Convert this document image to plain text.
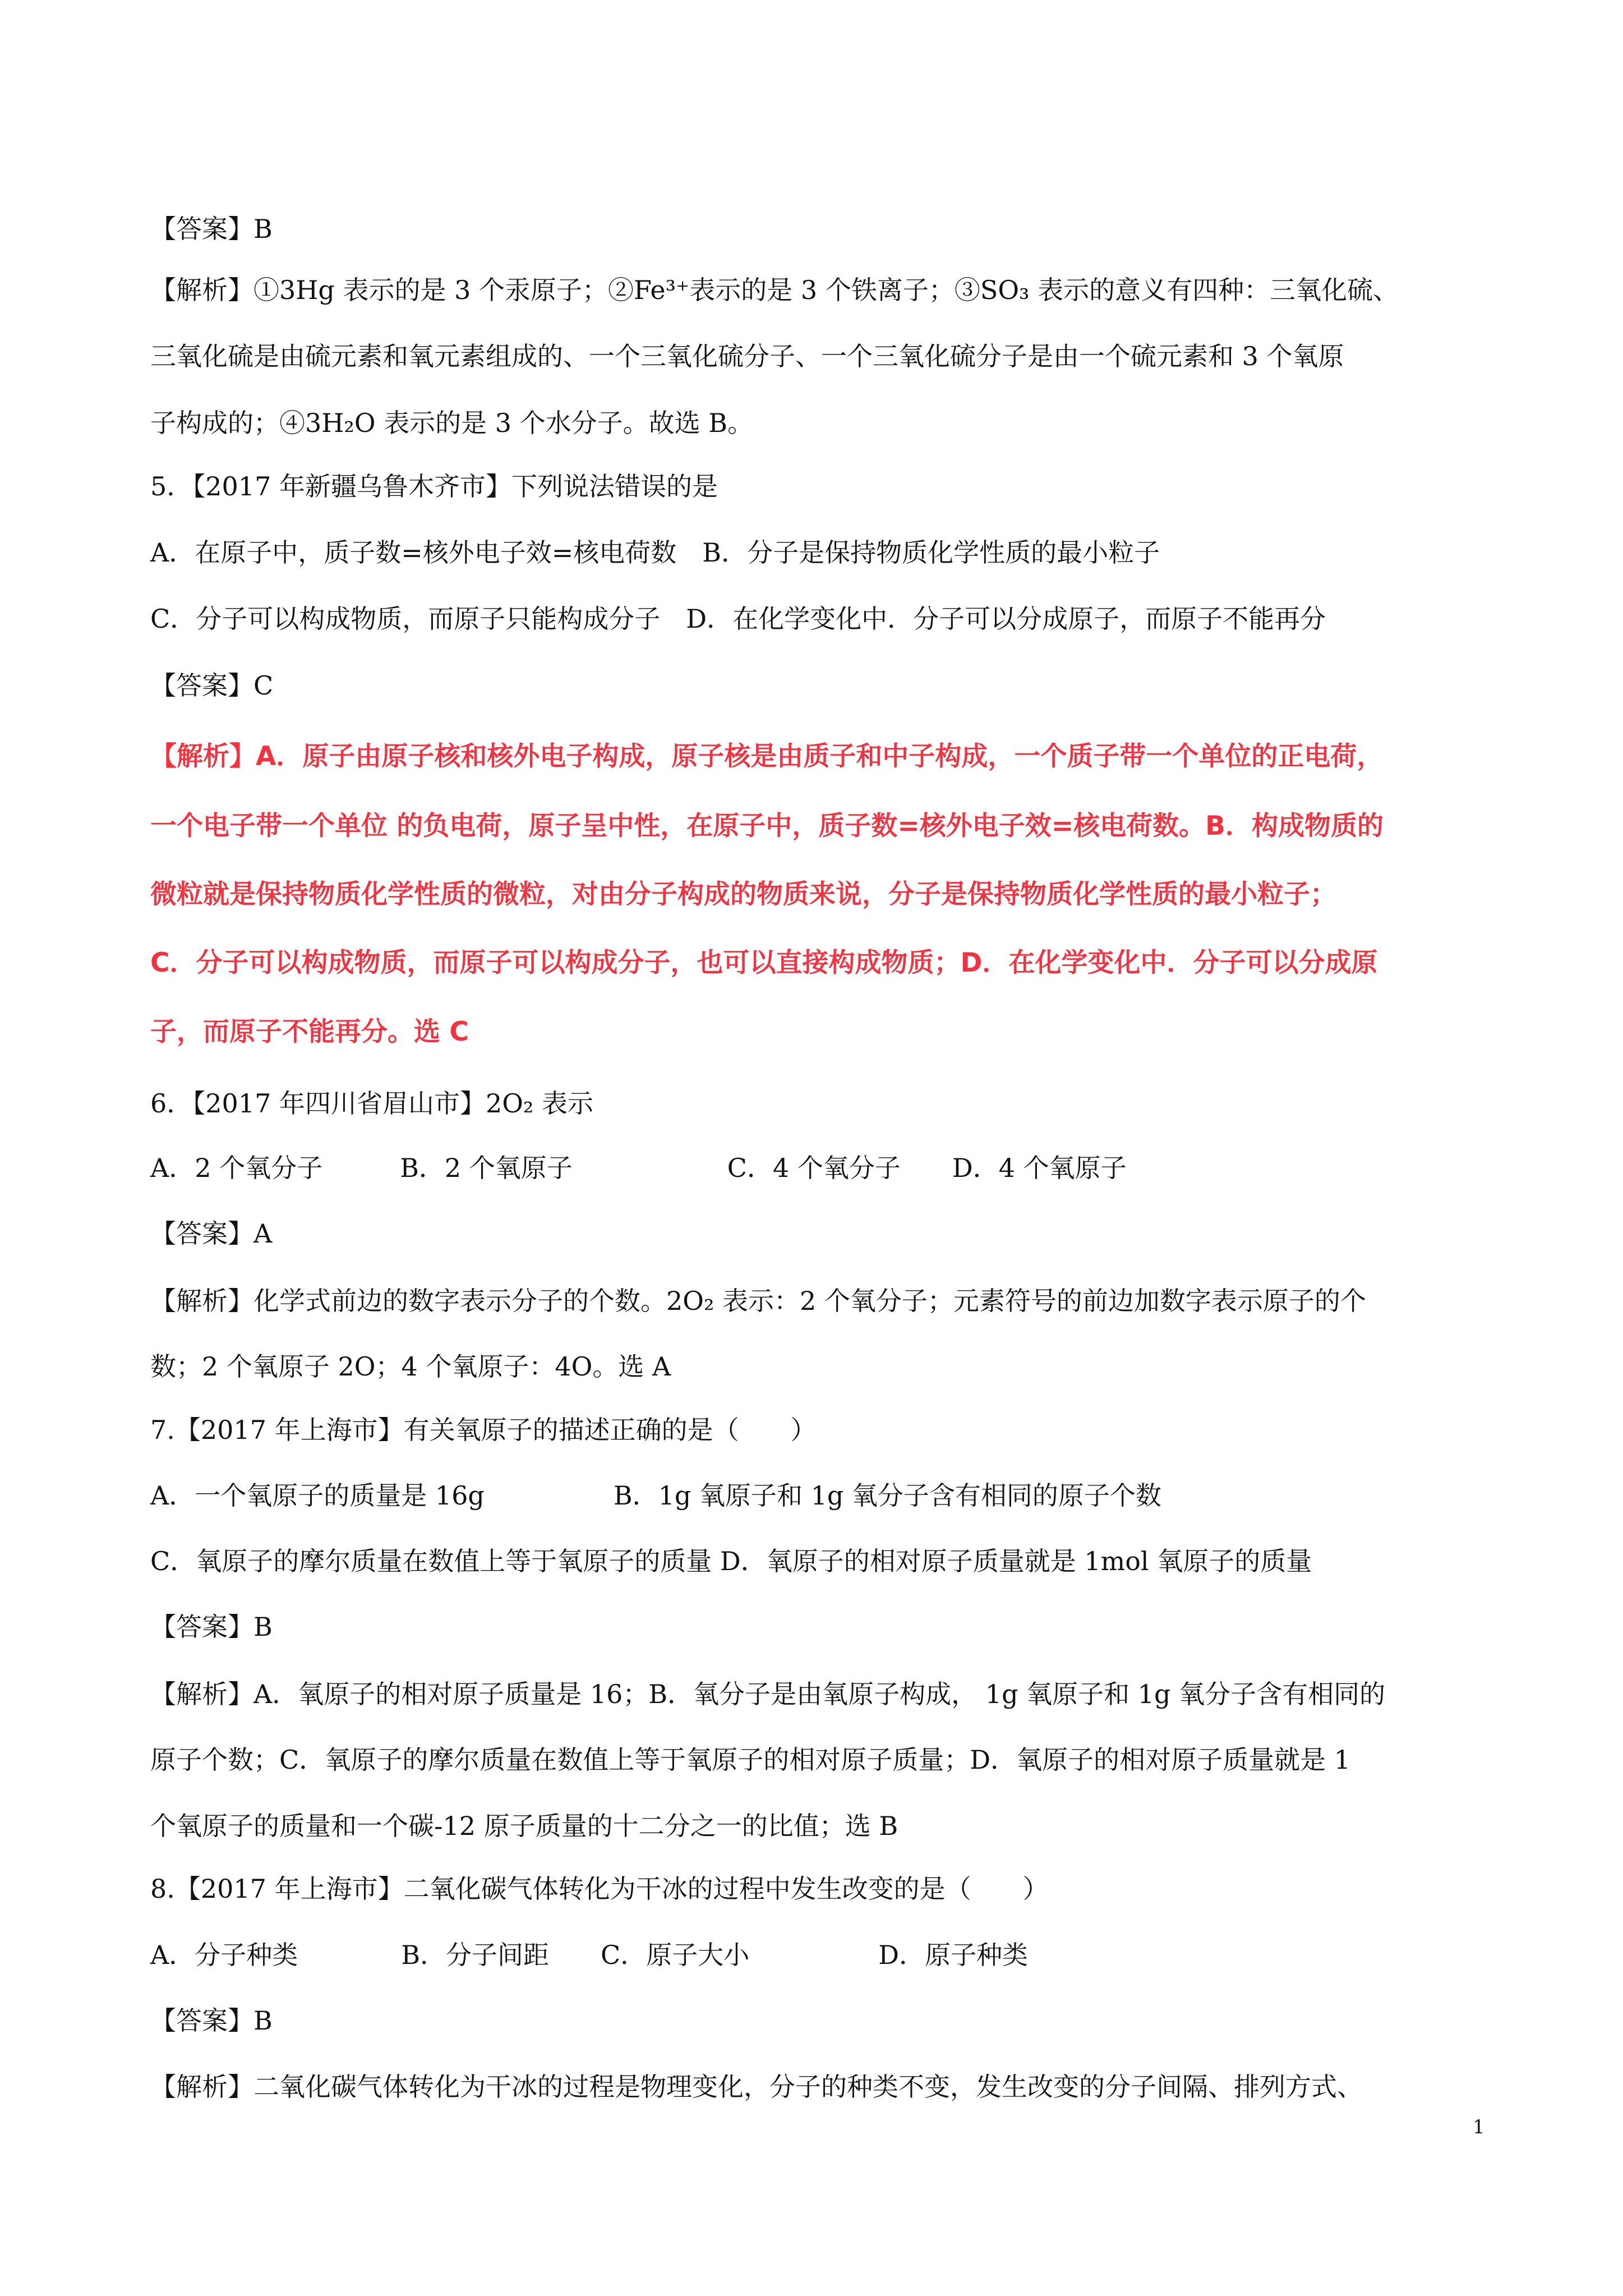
【答案】B
【解析】①3Hg 表示的是 3 个汞原子；②Fe³⁺表示的是 3 个铁离子；③SO₃ 表示的意义有四种：三氧化硫、
三氧化硫是由硫元素和氧元素组成的、一个三氧化硫分子、一个三氧化硫分子是由一个硫元素和 3 个氧原
子构成的；④3H₂O 表示的是 3 个水分子。故选 B。
5．【2017 年新疆乌鲁木齐市】下列说法错误的是
A．在原子中，质子数=核外电子效=核电荷数　B．分子是保持物质化学性质的最小粒子
C．分子可以构成物质，而原子只能构成分子　D．在化学变化中．分子可以分成原子，而原子不能再分
【答案】C
【解析】A．原子由原子核和核外电子构成，原子核是由质子和中子构成，一个质子带一个单位的正电荷，
一个电子带一个单位 的负电荷，原子呈中性，在原子中，质子数=核外电子效=核电荷数。B．构成物质的
微粒就是保持物质化学性质的微粒，对由分子构成的物质来说，分子是保持物质化学性质的最小粒子；
C．分子可以构成物质，而原子可以构成分子，也可以直接构成物质；D．在化学变化中．分子可以分成原
子，而原子不能再分。选 C
6．【2017 年四川省眉山市】2O₂ 表示
A．2 个氧分子　　　B．2 个氧原子　　　　　　C．4 个氧分子　　D．4 个氧原子
【答案】A
【解析】化学式前边的数字表示分子的个数。2O₂ 表示：2 个氧分子；元素符号的前边加数字表示原子的个
数；2 个氧原子 2O；4 个氧原子：4O。选 A
7.【2017 年上海市】有关氧原子的描述正确的是（　　）
A．一个氧原子的质量是 16g　　　　　B．1g 氧原子和 1g 氧分子含有相同的原子个数
C．氧原子的摩尔质量在数值上等于氧原子的质量 D．氧原子的相对原子质量就是 1mol 氧原子的质量
【答案】B
【解析】A．氧原子的相对原子质量是 16；B．氧分子是由氧原子构成， 1g 氧原子和 1g 氧分子含有相同的
原子个数；C．氧原子的摩尔质量在数值上等于氧原子的相对原子质量；D．氧原子的相对原子质量就是 1
个氧原子的质量和一个碳-12 原子质量的十二分之一的比值；选 B
8.【2017 年上海市】二氧化碳气体转化为干冰的过程中发生改变的是（　　）
A．分子种类　　　　B．分子间距　　C．原子大小　　　　　D．原子种类
【答案】B
【解析】二氧化碳气体转化为干冰的过程是物理变化，分子的种类不变，发生改变的分子间隔、排列方式、
1
